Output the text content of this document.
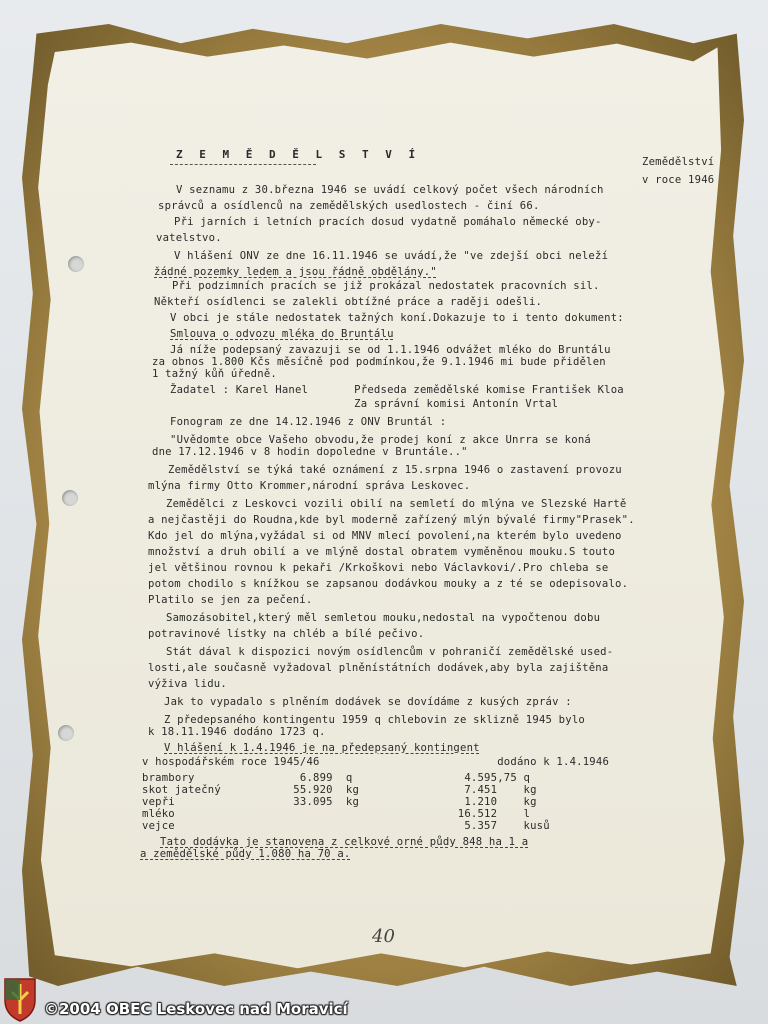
Z E M Ě D Ě L S T V Í
Zemědělství
v roce 1946
V seznamu z 30.března 1946 se uvádí celkový počet všech národních
správců a osídlenců na zemědělských usedlostech - činí 66.
Při jarních i letních pracích dosud vydatně pomáhalo německé oby-
vatelstvo.
V hlášení ONV ze dne 16.11.1946 se uvádí,že "ve zdejší obci neleží
žádné pozemky ledem a jsou řádně obdělány."
Při podzimních pracích se již prokázal nedostatek pracovních sil.
Někteří osídlenci se zalekli obtížné práce a raději odešli.
V obci je stále nedostatek tažných koní.Dokazuje to i tento dokument:
Smlouva o odvozu mléka do Bruntálu
Já níže podepsaný zavazuji se od 1.1.1946 odvážet mléko do Bruntálu
za obnos 1.800 Kčs měsíčně pod podmínkou,že 9.1.1946 mi bude přidělen
1 tažný kůň úředně.
Žadatel : Karel Hanel       Předseda zemědělské komise František Kloa
Za správní komisi Antonín Vrtal
Fonogram ze dne 14.12.1946 z ONV Bruntál :
"Uvědomte obce Vašeho obvodu,že prodej koní z akce Unrra se koná
dne 17.12.1946 v 8 hodin dopoledne v Bruntále.."
Zemědělství se týká také oznámení z 15.srpna 1946 o zastavení provozu
mlýna firmy Otto Krommer,národní správa Leskovec.
Zemědělci z Leskovci vozili obilí na semletí do mlýna ve Slezské Hartě
a nejčastěji do Roudna,kde byl moderně zařízený mlýn bývalé firmy"Prasek".
Kdo jel do mlýna,vyžádal si od MNV mlecí povolení,na kterém bylo uvedeno
množství a druh obilí a ve mlýně dostal obratem vyměněnou mouku.S touto
jel většinou rovnou k pekaři /Krkoškovi nebo Václavkovi/.Pro chleba se
potom chodilo s knížkou se zapsanou dodávkou mouky a z té se odepisovalo.
Platilo se jen za pečení.
Samozásobitel,který měl semletou mouku,nedostal na vypočtenou dobu
potravinové lístky na chléb a bílé pečivo.
Stát dával k dispozici novým osídlencům v pohraničí zemědělské used-
losti,ale současně vyžadoval plněnístátních dodávek,aby byla zajištěna
výživa lidu.
Jak to vypadalo s plněním dodávek se dovídáme z kusých zpráv :
Z předepsaného kontingentu 1959 q chlebovin ze sklizně 1945 bylo
k 18.11.1946 dodáno 1723 q.
V hlášení k 1.4.1946 je na předepsaný kontingent
v hospodářském roce 1945/46                           dodáno k 1.4.1946
brambory                6.899  q                 4.595,75 q
skot jatečný           55.920  kg                7.451    kg
vepři                  33.095  kg                1.210    kg
mléko                                           16.512    l
vejce                                            5.357    kusů
Tato dodávka je stanovena z celkové orné půdy 848 ha 1 a
a zemědělské půdy 1.080 ha 70 a.
40
©2004 OBEC Leskovec nad Moravicí
